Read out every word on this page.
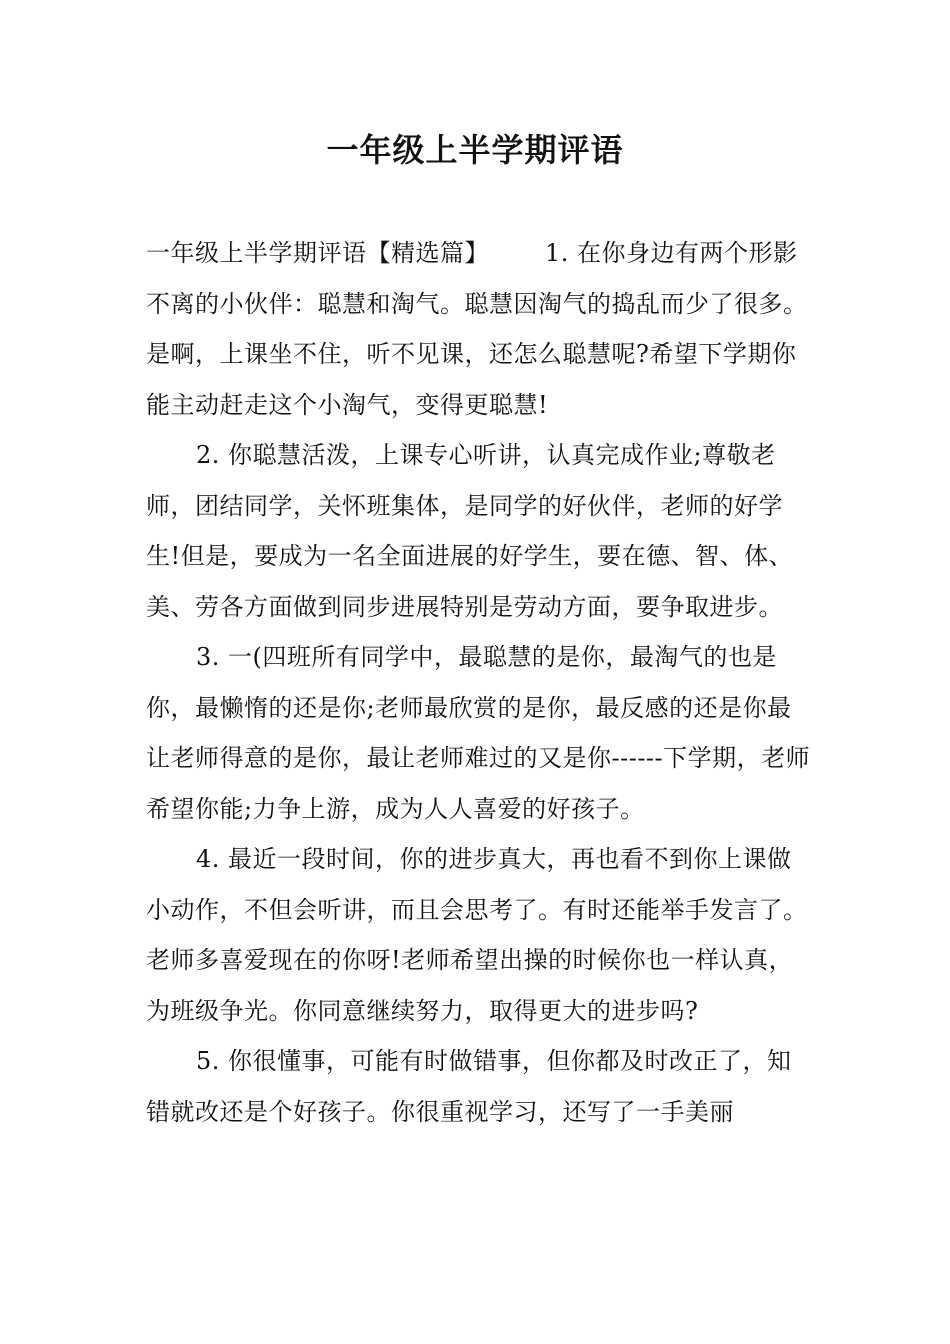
一年级上半学期评语

一年级上半学期评语【精选篇】 1. 在你身边有两个形影不离的小伙伴：聪慧和淘气。聪慧因淘气的捣乱而少了很多。是啊，上课坐不住，听不见课，还怎么聪慧呢?希望下学期你能主动赶走这个小淘气，变得更聪慧!

2. 你聪慧活泼，上课专心听讲，认真完成作业;尊敬老师，团结同学，关怀班集体，是同学的好伙伴，老师的好学生!但是，要成为一名全面进展的好学生，要在德、智、体、美、劳各方面做到同步进展特别是劳动方面，要争取进步。

3. 一(四班所有同学中，最聪慧的是你，最淘气的也是你，最懒惰的还是你;老师最欣赏的是你，最反感的还是你最让老师得意的是你，最让老师难过的又是你------下学期，老师希望你能;力争上游，成为人人喜爱的好孩子。

4. 最近一段时间，你的进步真大，再也看不到你上课做小动作，不但会听讲，而且会思考了。有时还能举手发言了。老师多喜爱现在的你呀!老师希望出操的时候你也一样认真，为班级争光。你同意继续努力，取得更大的进步吗?

5. 你很懂事，可能有时做错事，但你都及时改正了，知错就改还是个好孩子。你很重视学习，还写了一手美丽
